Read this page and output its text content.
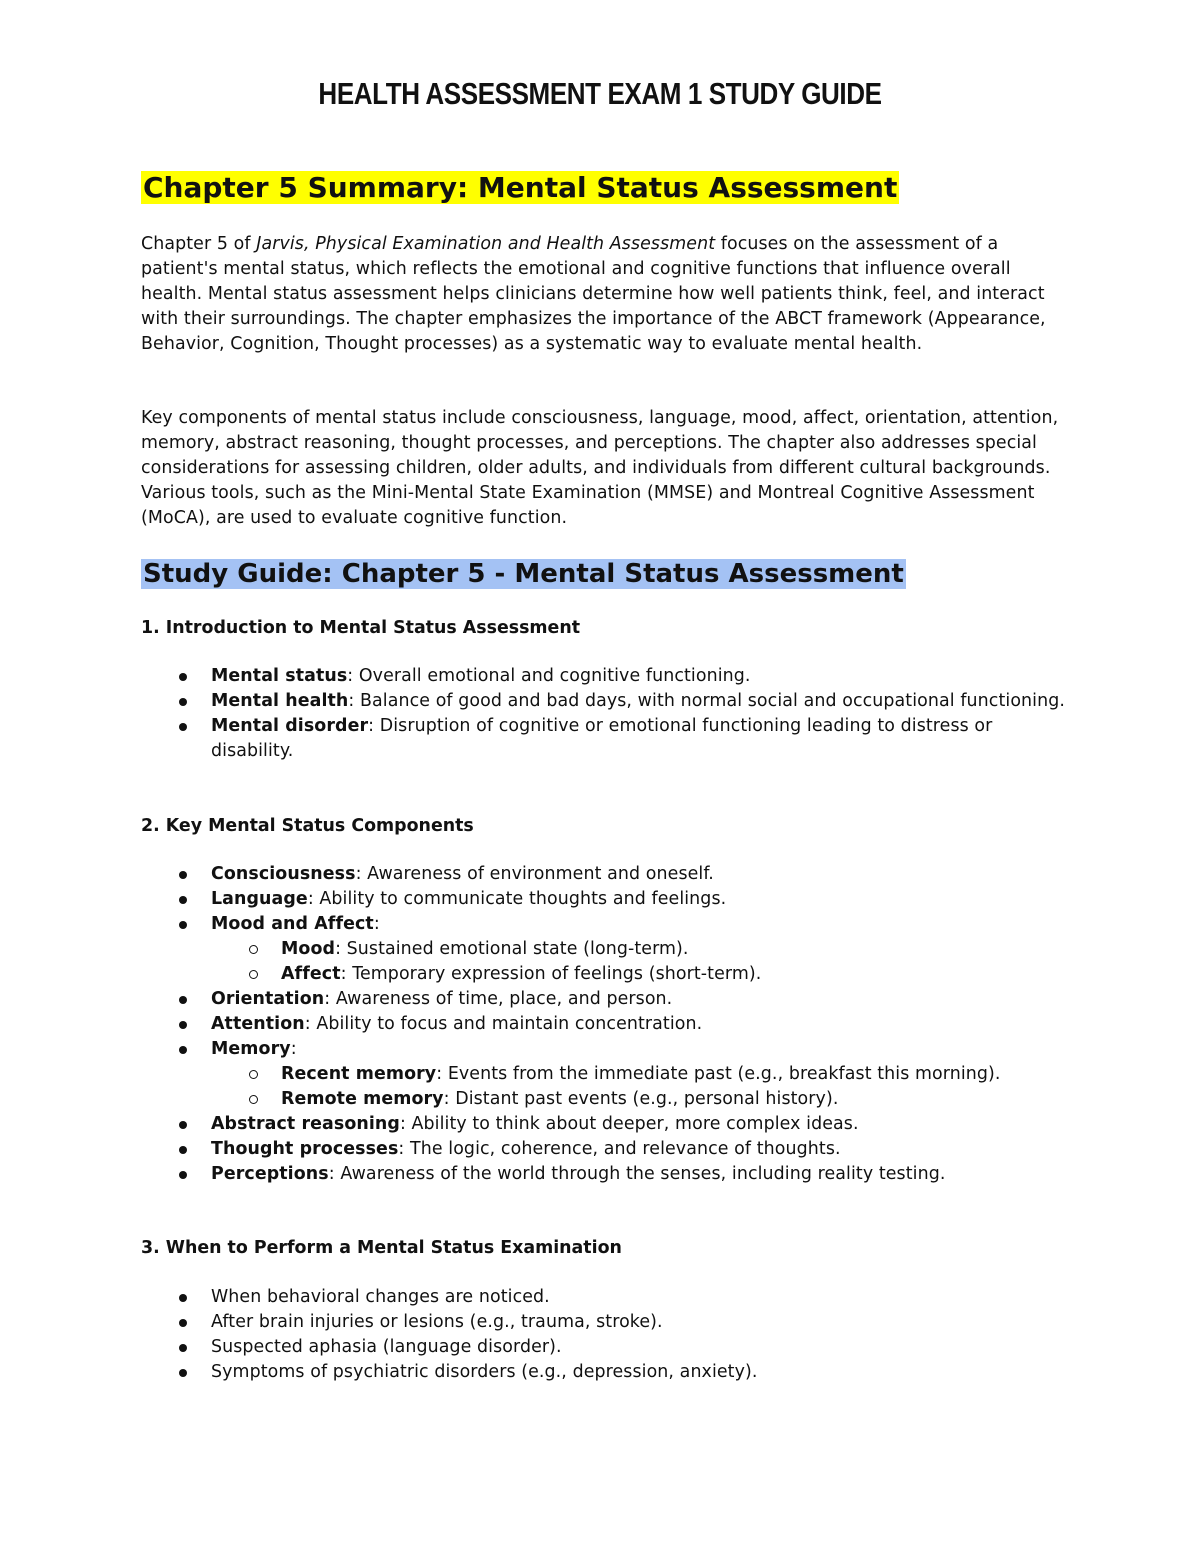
HEALTH ASSESSMENT EXAM 1 STUDY GUIDE
Chapter 5 Summary: Mental Status Assessment

Chapter 5 of Jarvis, Physical Examination and Health Assessment focuses on the assessment of a patient's mental status, which reflects the emotional and cognitive functions that influence overall health. Mental status assessment helps clinicians determine how well patients think, feel, and interact with their surroundings. The chapter emphasizes the importance of the ABCT framework (Appearance, Behavior, Cognition, Thought processes) as a systematic way to evaluate mental health.

Key components of mental status include consciousness, language, mood, affect, orientation, attention, memory, abstract reasoning, thought processes, and perceptions. The chapter also addresses special considerations for assessing children, older adults, and individuals from different cultural backgrounds. Various tools, such as the Mini-Mental State Examination (MMSE) and Montreal Cognitive Assessment (MoCA), are used to evaluate cognitive function.

Study Guide: Chapter 5 - Mental Status Assessment

1. Introduction to Mental Status Assessment

Mental status: Overall emotional and cognitive functioning.
Mental health: Balance of good and bad days, with normal social and occupational functioning.
Mental disorder: Disruption of cognitive or emotional functioning leading to distress or disability.

2. Key Mental Status Components

Consciousness: Awareness of environment and oneself.
Language: Ability to communicate thoughts and feelings.
Mood and Affect:
Mood: Sustained emotional state (long-term).
Affect: Temporary expression of feelings (short-term).
Orientation: Awareness of time, place, and person.
Attention: Ability to focus and maintain concentration.
Memory:
Recent memory: Events from the immediate past (e.g., breakfast this morning).
Remote memory: Distant past events (e.g., personal history).
Abstract reasoning: Ability to think about deeper, more complex ideas.
Thought processes: The logic, coherence, and relevance of thoughts.
Perceptions: Awareness of the world through the senses, including reality testing.

3. When to Perform a Mental Status Examination

When behavioral changes are noticed.
After brain injuries or lesions (e.g., trauma, stroke).
Suspected aphasia (language disorder).
Symptoms of psychiatric disorders (e.g., depression, anxiety).
